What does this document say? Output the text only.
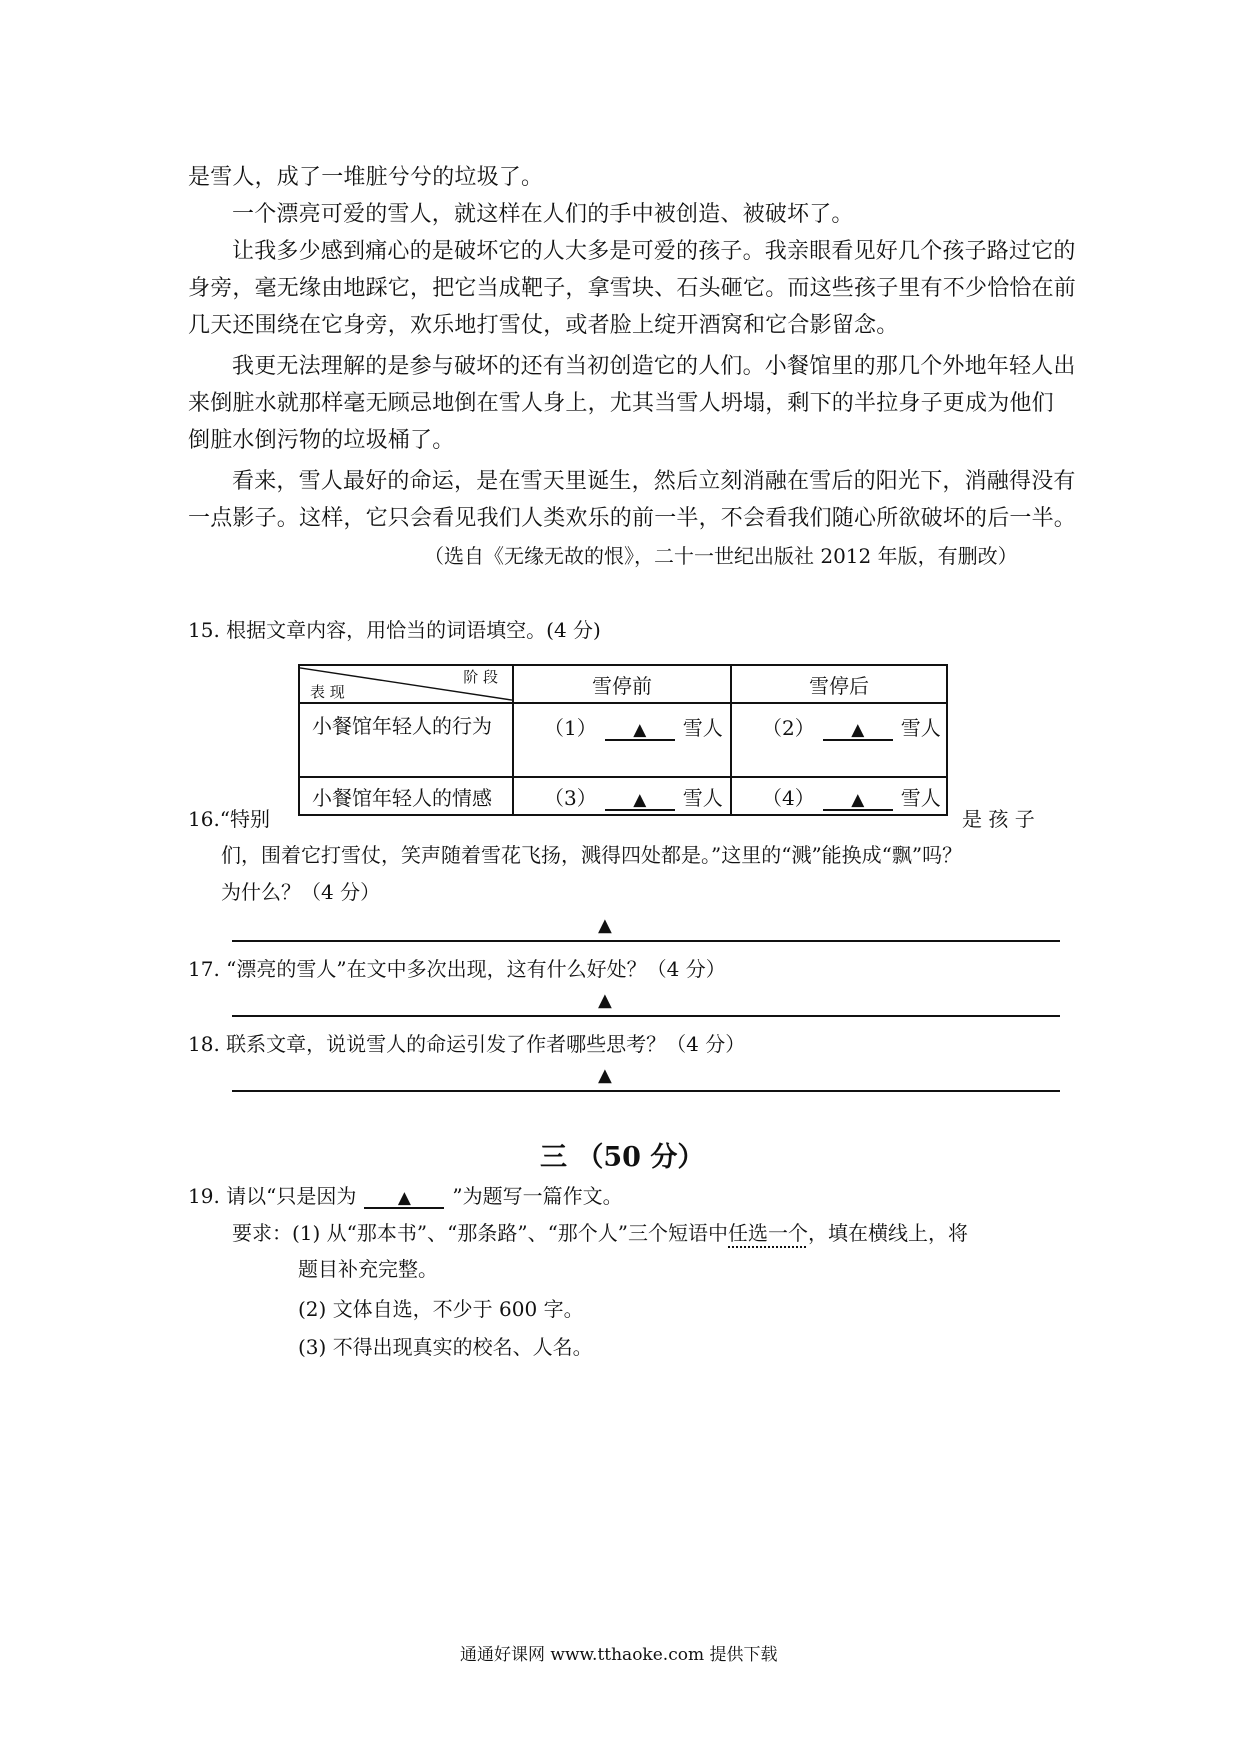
是雪人，成了一堆脏兮兮的垃圾了。
一个漂亮可爱的雪人，就这样在人们的手中被创造、被破坏了。
让我多少感到痛心的是破坏它的人大多是可爱的孩子。我亲眼看见好几个孩子路过它的
身旁，毫无缘由地踩它，把它当成靶子，拿雪块、石头砸它。而这些孩子里有不少恰恰在前
几天还围绕在它身旁，欢乐地打雪仗，或者脸上绽开酒窝和它合影留念。
我更无法理解的是参与破坏的还有当初创造它的人们。小餐馆里的那几个外地年轻人出
来倒脏水就那样毫无顾忌地倒在雪人身上，尤其当雪人坍塌，剩下的半拉身子更成为他们
倒脏水倒污物的垃圾桶了。
看来，雪人最好的命运，是在雪天里诞生，然后立刻消融在雪后的阳光下，消融得没有
一点影子。这样，它只会看见我们人类欢乐的前一半，不会看我们随心所欲破坏的后一半。
（选自《无缘无故的恨》，二十一世纪出版社 2012 年版，有删改）
15. 根据文章内容，用恰当的词语填空。(4 分)
阶 段
表 现	雪停前	雪停后
小餐馆年轻人的行为	（1） ▲ 雪人	（2） ▲ 雪人
小餐馆年轻人的情感	（3） ▲ 雪人	（4） ▲ 雪人
16.“特别	是 孩 子
们，围着它打雪仗，笑声随着雪花飞扬，溅得四处都是。”这里的“溅”能换成“飘”吗？
为什么？（4 分）
▲
17. “漂亮的雪人”在文中多次出现，这有什么好处？（4 分）
▲
18. 联系文章，说说雪人的命运引发了作者哪些思考？（4 分）
▲
三 （50 分）
19. 请以“只是因为 ▲ ”为题写一篇作文。
要求：(1) 从“那本书”、“那条路”、“那个人”三个短语中任选一个，填在横线上，将
题目补充完整。
(2) 文体自选，不少于 600 字。
(3) 不得出现真实的校名、人名。
通通好课网 www.tthaoke.com 提供下载
